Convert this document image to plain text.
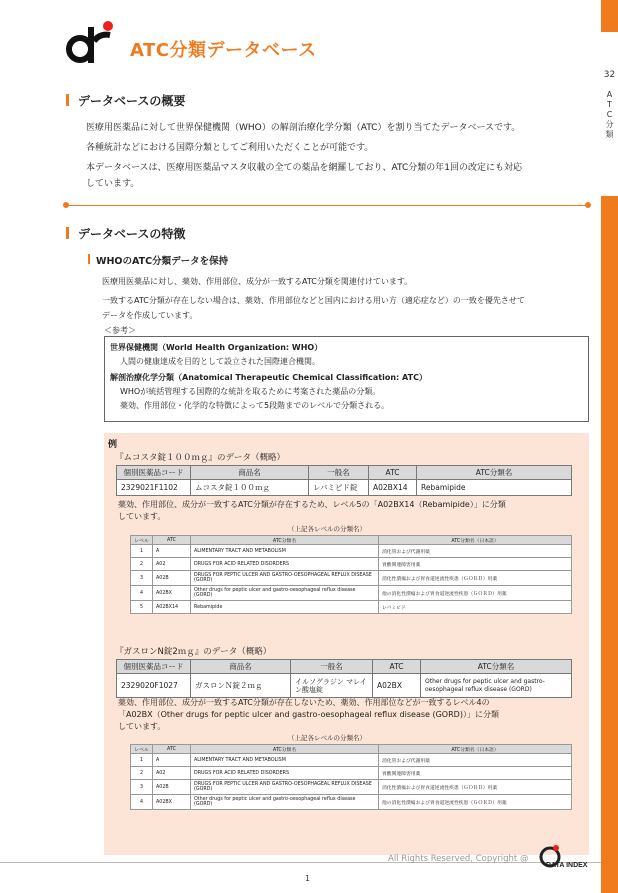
32
A
T
C
分
類
ATC分類データベース
データベースの概要
医療用医薬品に対して世界保健機関（WHO）の解剖治療化学分類（ATC）を割り当てたデータベースです。
各種統計などにおける国際分類としてご利用いただくことが可能です。
本データベースは、医療用医薬品マスタ収載の全ての薬品を網羅しており、ATC分類の年1回の改定にも対応
しています。
データベースの特徴
WHOのATC分類データを保持
医療用医薬品に対し、薬効、作用部位、成分が一致するATC分類を関連付けています。
一致するATC分類が存在しない場合は、薬効、作用部位などと国内における用い方（適応症など）の一致を優先させて
データを作成しています。
＜参考＞
世界保健機関（World Health Organization: WHO）
人間の健康達成を目的として設立された国際連合機関。
解剖治療化学分類（Anatomical Therapeutic Chemical Classification: ATC）
WHOが統括管理する国際的な統計を取るために考案された薬品の分類。
薬効、作用部位・化学的な特徴によって5段階までのレベルで分類される。
例
『ムコスタ錠１００ｍｇ』のデータ（概略）
個別医薬品コード	商品名	一般名	ATC	ATC分類名
2329021F1102	ムコスタ錠１００ｍｇ	レバミピド錠	A02BX14	Rebamipide
薬効、作用部位、成分が一致するATC分類が存在するため、レベル5の「A02BX14（Rebamipide）」に分類
しています。
（上記各レベルの分類名）
レベル	ATC	ATC分類名	ATC分類名（日本語）
1	A	ALIMENTARY TRACT AND METABOLISM	消化管および代謝用薬
2	A02	DRUGS FOR ACID RELATED DISORDERS	胃酸関連障害用薬
3	A02B	DRUGS FOR PEPTIC ULCER AND GASTRO-OESOPHAGEAL REFLUX DISEASE (GORD)	消化性潰瘍および胃食道逆流性疾患（ＧＯＲＤ）用薬
4	A02BX	Other drugs for peptic ulcer and gastro-oesophageal reflux disease (GORD)	他の消化性潰瘍および胃食道逆流性疾患（ＧＯＲＤ）用薬
5	A02BX14	Rebamipide	レバミピド
『ガスロンN錠2ｍｇ』のデータ（概略）
個別医薬品コード	商品名	一般名	ATC	ATC分類名
2329020F1027	ガスロンＮ錠２ｍｇ	イルソグラジン マレイン酸塩錠	A02BX	Other drugs for peptic ulcer and gastro-oesophageal reflux disease (GORD)
薬効、作用部位、成分が一致するATC分類が存在しないため、薬効、作用部位などが一致するレベル4の
「A02BX（Other drugs for peptic ulcer and gastro-oesophageal reflux disease (GORD)）」に分類
しています。
（上記各レベルの分類名）
レベル	ATC	ATC分類名	ATC分類名（日本語）
1	A	ALIMENTARY TRACT AND METABOLISM	消化管および代謝用薬
2	A02	DRUGS FOR ACID RELATED DISORDERS	胃酸関連障害用薬
3	A02B	DRUGS FOR PEPTIC ULCER AND GASTRO-OESOPHAGEAL REFLUX DISEASE (GORD)	消化性潰瘍および胃食道逆流性疾患（ＧＯＲＤ）用薬
4	A02BX	Other drugs for peptic ulcer and gastro-oesophageal reflux disease (GORD)	他の消化性潰瘍および胃食道逆流性疾患（ＧＯＲＤ）用薬
All Rights Reserved, Copyright @
DATA INDEX
1
